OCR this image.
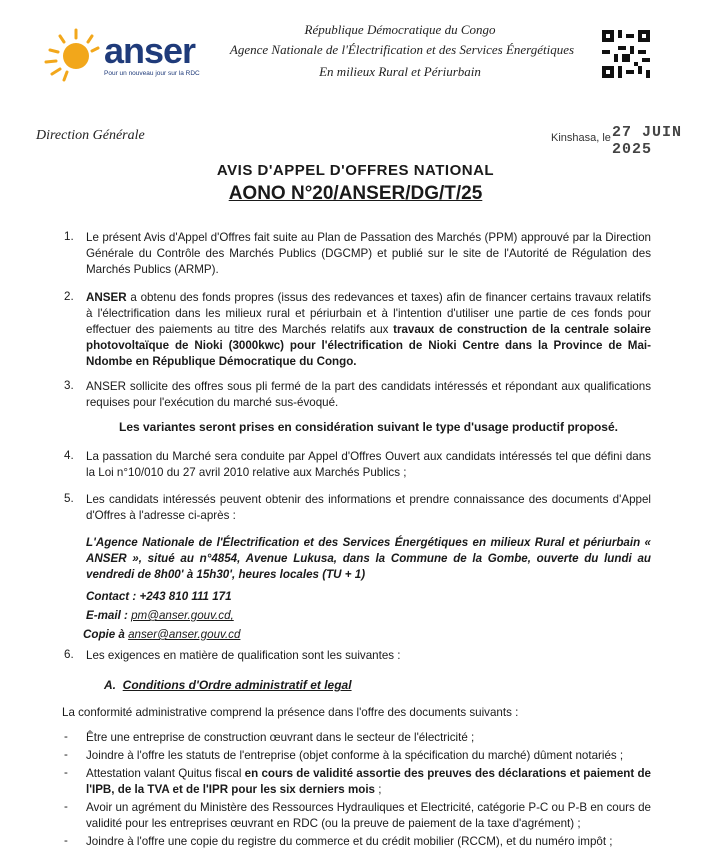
anser
Pour un nouveau jour sur la RDC
République Démocratique du Congo
Agence Nationale de l'Électrification et des Services Énergétiques
En milieux Rural et Périurbain
Direction Générale	Kinshasa, le 27 JUIN 2025
AVIS D'APPEL D'OFFRES NATIONAL
AONO N°20/ANSER/DG/T/25
1. Le présent Avis d'Appel d'Offres fait suite au Plan de Passation des Marchés (PPM) approuvé par la Direction Générale du Contrôle des Marchés Publics (DGCMP) et publié sur le site de l'Autorité de Régulation des Marchés Publics (ARMP).
2. ANSER a obtenu des fonds propres (issus des redevances et taxes) afin de financer certains travaux relatifs à l'électrification dans les milieux rural et périurbain et à l'intention d'utiliser une partie de ces fonds pour effectuer des paiements au titre des Marchés relatifs aux travaux de construction de la centrale solaire photovoltaïque de Nioki (3000kwc) pour l'électrification de Nioki Centre dans la Province de Mai-Ndombe en République Démocratique du Congo.
3. ANSER sollicite des offres sous pli fermé de la part des candidats intéressés et répondant aux qualifications requises pour l'exécution du marché sus-évoqué.
Les variantes seront prises en considération suivant le type d'usage productif proposé.
4. La passation du Marché sera conduite par Appel d'Offres Ouvert aux candidats intéressés tel que défini dans la Loi n°10/010 du 27 avril 2010 relative aux Marchés Publics ;
5. Les candidats intéressés peuvent obtenir des informations et prendre connaissance des documents d'Appel d'Offres à l'adresse ci-après :
L'Agence Nationale de l'Électrification et des Services Énergétiques en milieux Rural et périurbain « ANSER », situé au n°4854, Avenue Lukusa, dans la Commune de la Gombe, ouverte du lundi au vendredi de 8h00' à 15h30', heures locales (TU + 1)
Contact : +243 810 111 171
E-mail : pm@anser.gouv.cd,
Copie à anser@anser.gouv.cd
6. Les exigences en matière de qualification sont les suivantes :
A. Conditions d'Ordre administratif et legal
La conformité administrative comprend la présence dans l'offre des documents suivants :
- Être une entreprise de construction œuvrant dans le secteur de l'électricité ;
- Joindre à l'offre les statuts de l'entreprise (objet conforme à la spécification du marché) dûment notariés ;
- Attestation valant Quitus fiscal en cours de validité assortie des preuves des déclarations et paiement de l'IPB, de la TVA et de l'IPR pour les six derniers mois ;
- Avoir un agrément du Ministère des Ressources Hydrauliques et Electricité, catégorie P-C ou P-B en cours de validité pour les entreprises œuvrant en RDC (ou la preuve de paiement de la taxe d'agrément) ;
- Joindre à l'offre une copie du registre du commerce et du crédit mobilier (RCCM), et du numéro impôt ;
